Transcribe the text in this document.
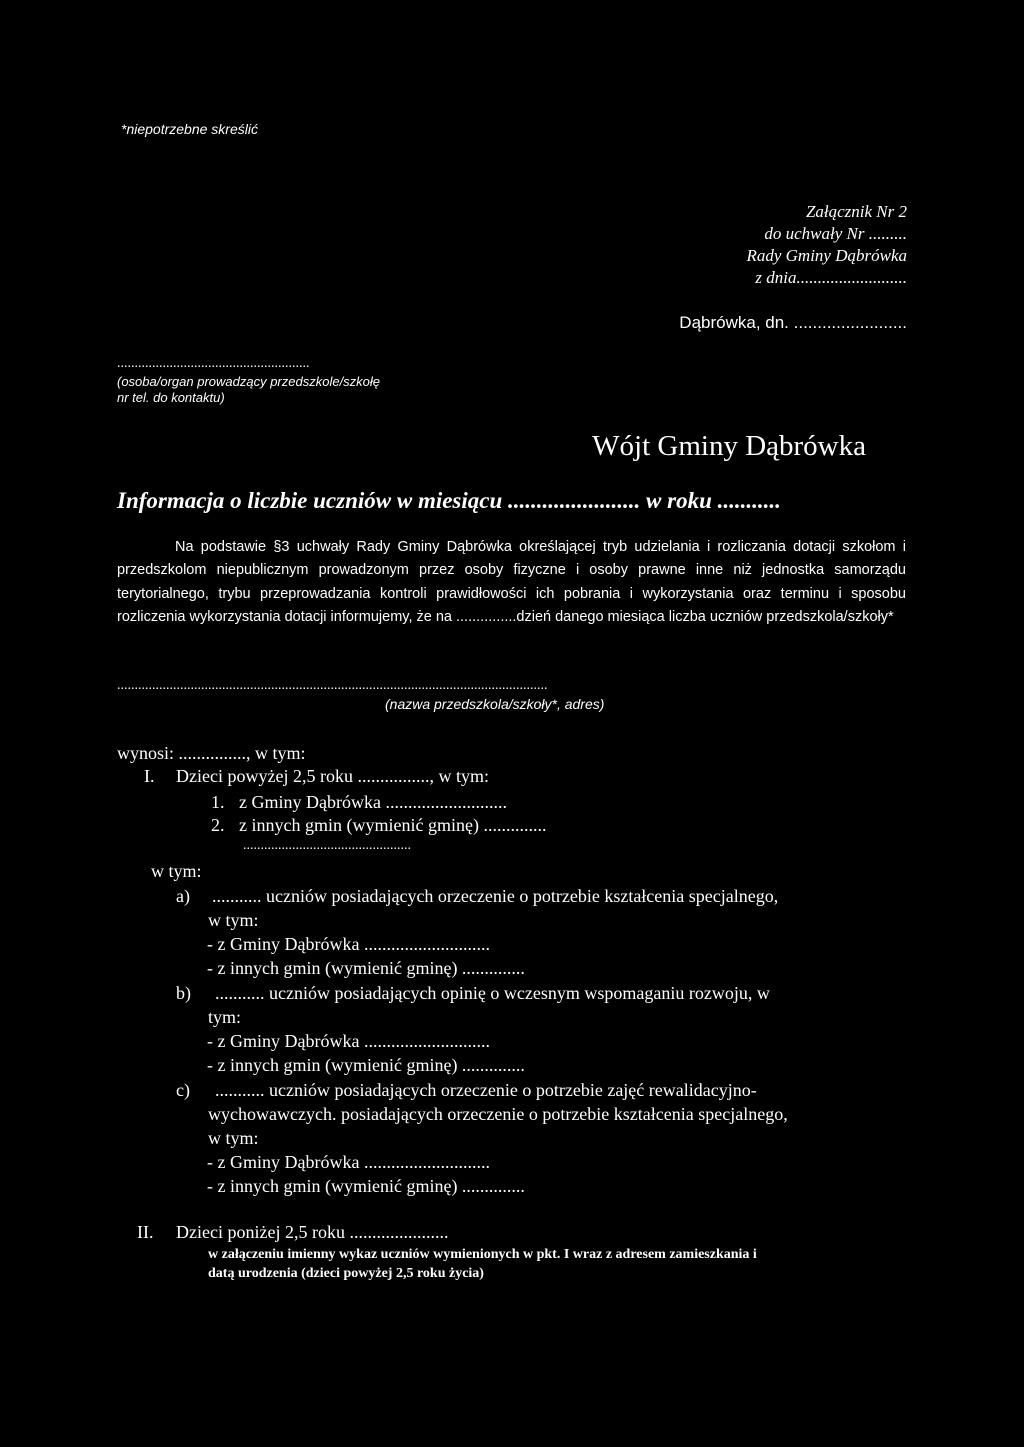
*niepotrzebne skreślić
Załącznik Nr 2
do uchwały Nr .........
Rady Gminy Dąbrówka
z dnia..........................
Dąbrówka, dn. ........................
.......................................................
(osoba/organ prowadzący przedszkole/szkołę
nr tel. do kontaktu)
Wójt Gminy Dąbrówka
Informacja o liczbie uczniów w miesiącu ....................... w roku ...........
Na podstawie §3 uchwały Rady Gminy Dąbrówka określającej tryb udzielania i rozliczania dotacji szkołom i przedszkolom niepublicznym prowadzonym przez osoby fizyczne i osoby prawne inne niż jednostka samorządu terytorialnego, trybu przeprowadzania kontroli prawidłowości ich pobrania i wykorzystania oraz terminu i sposobu rozliczenia wykorzystania dotacji informujemy, że na ...............dzień danego miesiąca liczba uczniów przedszkola/szkoły*
...........................................................................................................................
(nazwa przedszkola/szkoły*, adres)
wynosi: ..............., w tym:
I. Dzieci powyżej 2,5 roku ................, w tym:
1. z Gminy Dąbrówka ...........................
2. z innych gmin (wymienić gminę) ..............
................................................
w tym:
a) ........... uczniów posiadających orzeczenie o potrzebie kształcenia specjalnego,
w tym:
- z Gminy Dąbrówka ............................
- z innych gmin (wymienić gminę) ..............
b) ........... uczniów posiadających opinię o wczesnym wspomaganiu rozwoju, w
tym:
- z Gminy Dąbrówka ............................
- z innych gmin (wymienić gminę) ..............
c) ........... uczniów posiadających orzeczenie o potrzebie zajęć rewalidacyjno-
wychowawczych. posiadających orzeczenie o potrzebie kształcenia specjalnego,
w tym:
- z Gminy Dąbrówka ............................
- z innych gmin (wymienić gminę) ..............
II. Dzieci poniżej 2,5 roku ......................
w załączeniu imienny wykaz uczniów wymienionych w pkt. I wraz z adresem zamieszkania i
datą urodzenia (dzieci powyżej 2,5 roku życia)
